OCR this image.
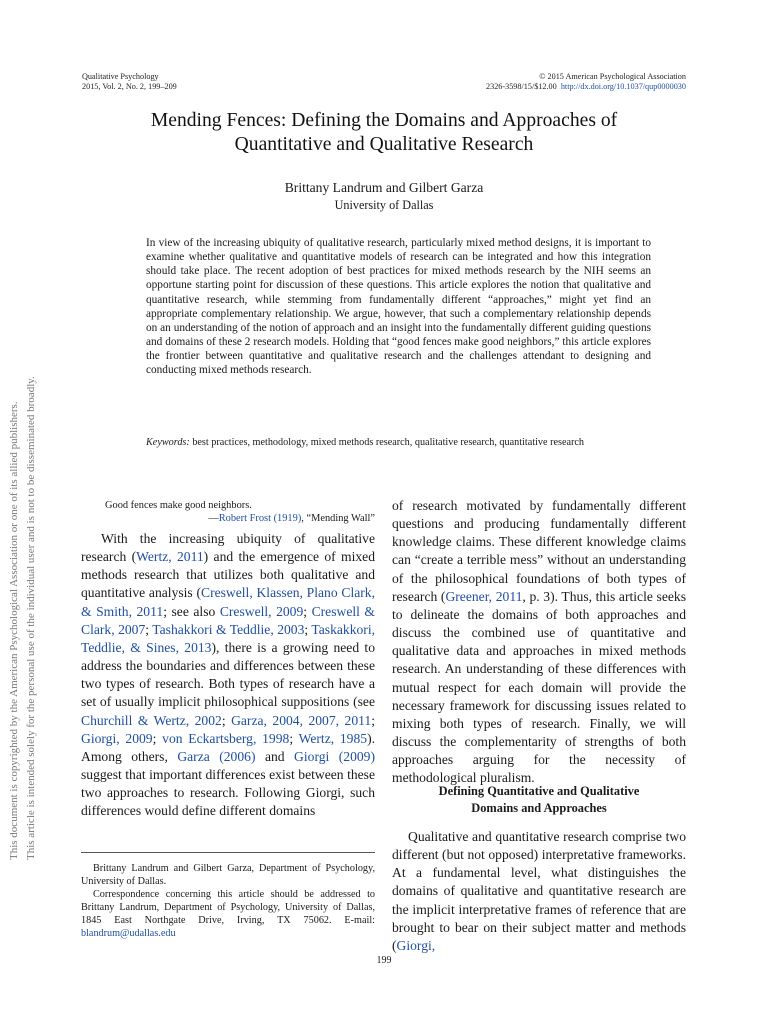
Qualitative Psychology
2015, Vol. 2, No. 2, 199–209
© 2015 American Psychological Association
2326-3598/15/$12.00 http://dx.doi.org/10.1037/qup0000030
Mending Fences: Defining the Domains and Approaches of
Quantitative and Qualitative Research
Brittany Landrum and Gilbert Garza
University of Dallas
In view of the increasing ubiquity of qualitative research, particularly mixed method designs, it is important to examine whether qualitative and quantitative models of research can be integrated and how this integration should take place. The recent adoption of best practices for mixed methods research by the NIH seems an opportune starting point for discussion of these questions. This article explores the notion that qualitative and quantitative research, while stemming from fundamentally different “approaches,” might yet find an appropriate complementary relationship. We argue, however, that such a complementary relationship depends on an understanding of the notion of approach and an insight into the fundamentally different guiding questions and domains of these 2 research models. Holding that “good fences make good neighbors,” this article explores the frontier between quantitative and qualitative research and the challenges attendant to designing and conducting mixed methods research.
Keywords: best practices, methodology, mixed methods research, qualitative research, quantitative research
This document is copyrighted by the American Psychological Association or one of its allied publishers. This article is intended solely for the personal use of the individual user and is not to be disseminated broadly.	Good fences make good neighbors.
—Robert Frost (1919), “Mending Wall”

With the increasing ubiquity of qualitative research (Wertz, 2011) and the emergence of mixed methods research that utilizes both qualitative and quantitative analysis (Creswell, Klassen, Plano Clark, & Smith, 2011; see also Creswell, 2009; Creswell & Clark, 2007; Tashakkori & Teddlie, 2003; Taskakkori, Teddlie, & Sines, 2013), there is a growing need to address the boundaries and differences between these two types of research. Both types of research have a set of usually implicit philosophical suppositions (see Churchill & Wertz, 2002; Garza, 2004, 2007, 2011; Giorgi, 2009; von Eckartsberg, 1998; Wertz, 1985). Among others, Garza (2006) and Giorgi (2009) suggest that important differences exist between these two approaches to research. Following Giorgi, such differences would define different domains

of research motivated by fundamentally different questions and producing fundamentally different knowledge claims. These different knowledge claims can “create a terrible mess” without an understanding of the philosophical foundations of both types of research (Greener, 2011, p. 3). Thus, this article seeks to delineate the domains of both approaches and discuss the combined use of quantitative and qualitative data and approaches in mixed methods research. An understanding of these differences with mutual respect for each domain will provide the necessary framework for discussing issues related to mixing both types of research. Finally, we will discuss the complementarity of strengths of both approaches arguing for the necessity of methodological pluralism.

Defining Quantitative and Qualitative
Domains and Approaches

Qualitative and quantitative research comprise two different (but not opposed) interpretative frameworks. At a fundamental level, what distinguishes the domains of qualitative and quantitative research are the implicit interpretative frames of reference that are brought to bear on their subject matter and methods (Giorgi,

Brittany Landrum and Gilbert Garza, Department of Psychology, University of Dallas.

Correspondence concerning this article should be addressed to Brittany Landrum, Department of Psychology, University of Dallas, 1845 East Northgate Drive, Irving, TX 75062. E-mail: blandrum@udallas.edu

199
